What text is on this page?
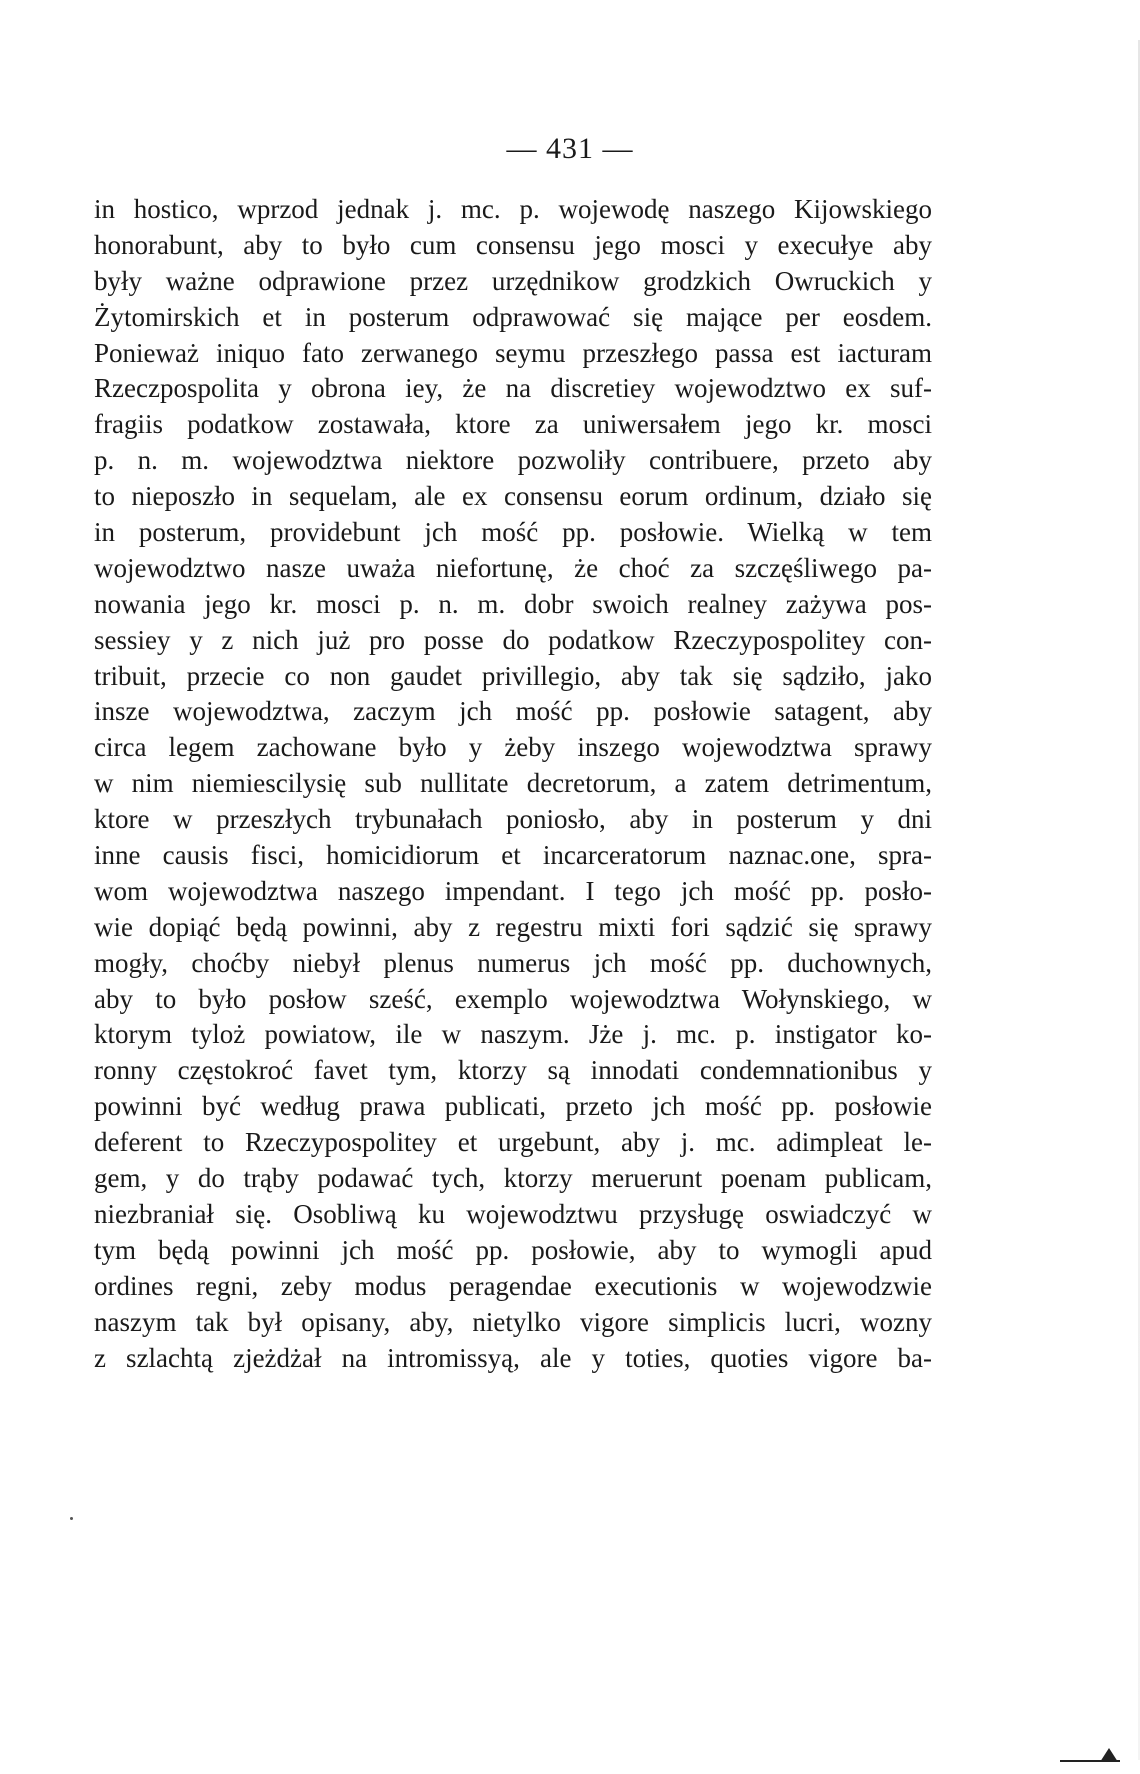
— 431 —
in hostico, wprzod jednak j. mc. p. wojewodę naszego Kijowskiego
honorabunt, aby to było cum consensu jego mosci y execułye aby
były ważne odprawione przez urzędnikow grodzkich Owruckich y
Żytomirskich et in posterum odprawować się mające per eosdem.
Ponieważ iniquo fato zerwanego seymu przeszłego passa est iacturam
Rzeczpospolita y obrona iey, że na discretiey wojewodztwo ex suf-
fragiis podatkow zostawała, ktore za uniwersałem jego kr. mosci
p. n. m. wojewodztwa niektore pozwoliły contribuere, przeto aby
to nieposzło in sequelam, ale ex consensu eorum ordinum, działo się
in posterum, providebunt jch mość pp. posłowie. Wielką w tem
wojewodztwo nasze uważa niefortunę, że choć za szczęśliwego pa-
nowania jego kr. mosci p. n. m. dobr swoich realney zażywa pos-
sessiey y z nich już pro posse do podatkow Rzeczypospolitey con-
tribuit, przecie co non gaudet privillegio, aby tak się sądziło, jako
insze wojewodztwa, zaczym jch mość pp. posłowie satagent, aby
circa legem zachowane było y żeby inszego wojewodztwa sprawy
w nim niemiescilysię sub nullitate decretorum, a zatem detrimentum,
ktore w przeszłych trybunałach poniosło, aby in posterum y dni
inne causis fisci, homicidiorum et incarceratorum naznac.one, spra-
wom wojewodztwa naszego impendant. I tego jch mość pp. posło-
wie dopiąć będą powinni, aby z regestru mixti fori sądzić się sprawy
mogły, choćby niebył plenus numerus jch mość pp. duchownych,
aby to było posłow sześć, exemplo wojewodztwa Wołynskiego, w
ktorym tyloż powiatow, ile w naszym. Jże j. mc. p. instigator ko-
ronny częstokroć favet tym, ktorzy są innodati condemnationibus y
powinni być według prawa publicati, przeto jch mość pp. posłowie
deferent to Rzeczypospolitey et urgebunt, aby j. mc. adimpleat le-
gem, y do trąby podawać tych, ktorzy meruerunt poenam publicam,
niezbraniał się. Osobliwą ku wojewodztwu przysługę oswiadczyć w
tym będą powinni jch mość pp. posłowie, aby to wymogli apud
ordines regni, zeby modus peragendae executionis w wojewodzwie
naszym tak był opisany, aby, nietylko vigore simplicis lucri, wozny
z szlachtą zjeżdżał na intromissyą, ale y toties, quoties vigore ba-
